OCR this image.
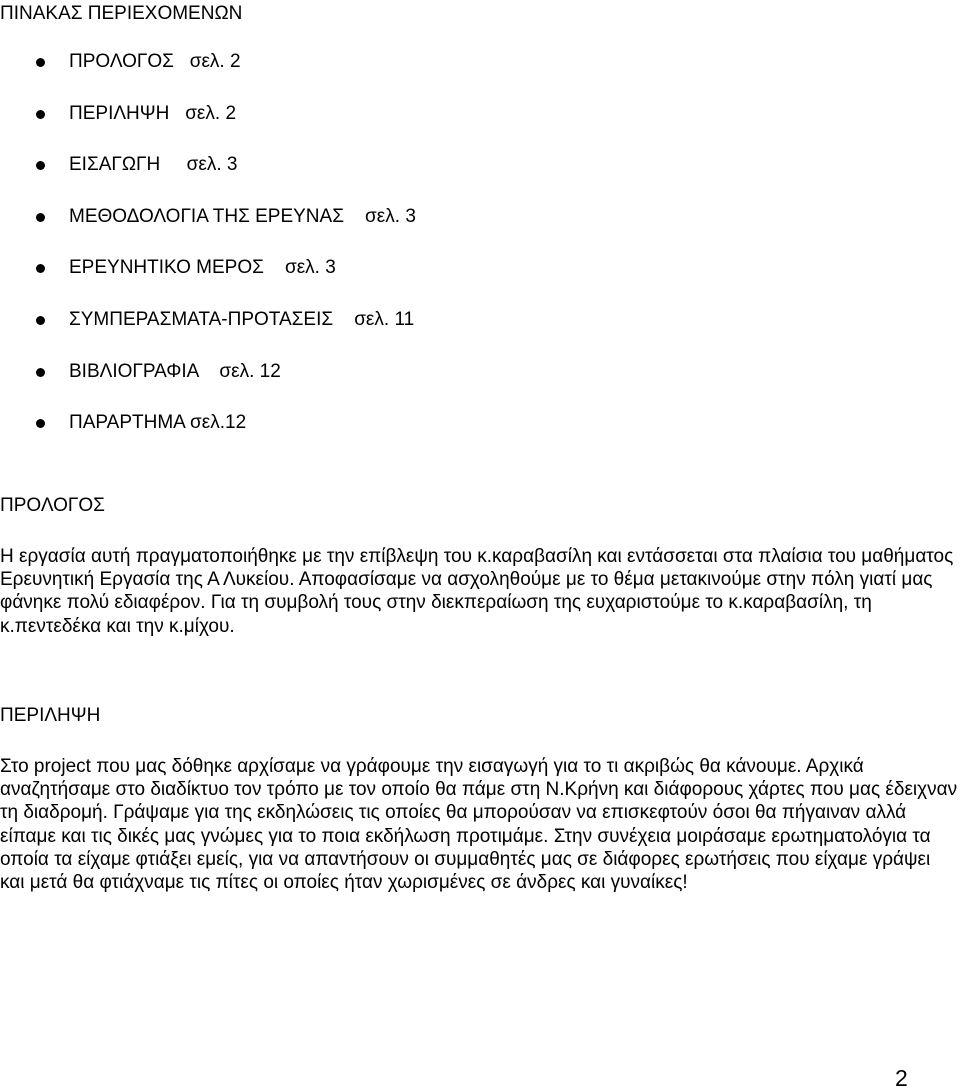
ΠΙΝΑΚΑΣ ΠΕΡΙΕΧΟΜΕΝΩΝ
ΠΡΟΛΟΓΟΣ   σελ. 2
ΠΕΡΙΛΗΨΗ   σελ. 2
ΕΙΣΑΓΩΓΗ     σελ. 3
ΜΕΘΟΔΟΛΟΓΙΑ ΤΗΣ ΕΡΕΥΝΑΣ    σελ. 3
ΕΡΕΥΝΗΤΙΚΟ ΜΕΡΟΣ    σελ. 3
ΣΥΜΠΕΡΑΣΜΑΤΑ-ΠΡΟΤΑΣΕΙΣ    σελ. 11
ΒΙΒΛΙΟΓΡΑΦΙΑ    σελ. 12
ΠΑΡΑΡΤΗΜΑ σελ.12
ΠΡΟΛΟΓΟΣ

Η εργασία αυτή πραγματοποιήθηκε με την επίβλεψη του κ.καραβασίλη και εντάσσεται στα πλαίσια του μαθήματος Ερευνητική Εργασία της Α Λυκείου. Αποφασίσαμε να ασχοληθούμε με το θέμα μετακινούμε στην πόλη γιατί μας φάνηκε πολύ εδιαφέρον. Για τη συμβολή τους στην διεκπεραίωση της ευχαριστούμε το κ.καραβασίλη, τη κ.πεντεδέκα και την κ.μίχου.

ΠΕΡΙΛΗΨΗ

Στο project που μας δόθηκε αρχίσαμε να γράφουμε την εισαγωγή για το τι ακριβώς θα κάνουμε. Αρχικά αναζητήσαμε στο διαδίκτυο τον τρόπο με τον οποίο θα πάμε στη Ν.Κρήνη και διάφορους χάρτες που μας έδειχναν τη διαδρομή. Γράψαμε για της εκδηλώσεις τις οποίες θα μπορούσαν να επισκεφτούν όσοι θα πήγαιναν αλλά είπαμε και τις δικές μας γνώμες για το ποια εκδήλωση προτιμάμε. Στην συνέχεια μοιράσαμε ερωτηματολόγια τα οποία τα είχαμε φτιάξει εμείς, για να απαντήσουν οι συμμαθητές μας σε διάφορες ερωτήσεις που είχαμε γράψει και μετά θα φτιάχναμε τις πίτες οι οποίες ήταν χωρισμένες σε άνδρες και γυναίκες!

2
